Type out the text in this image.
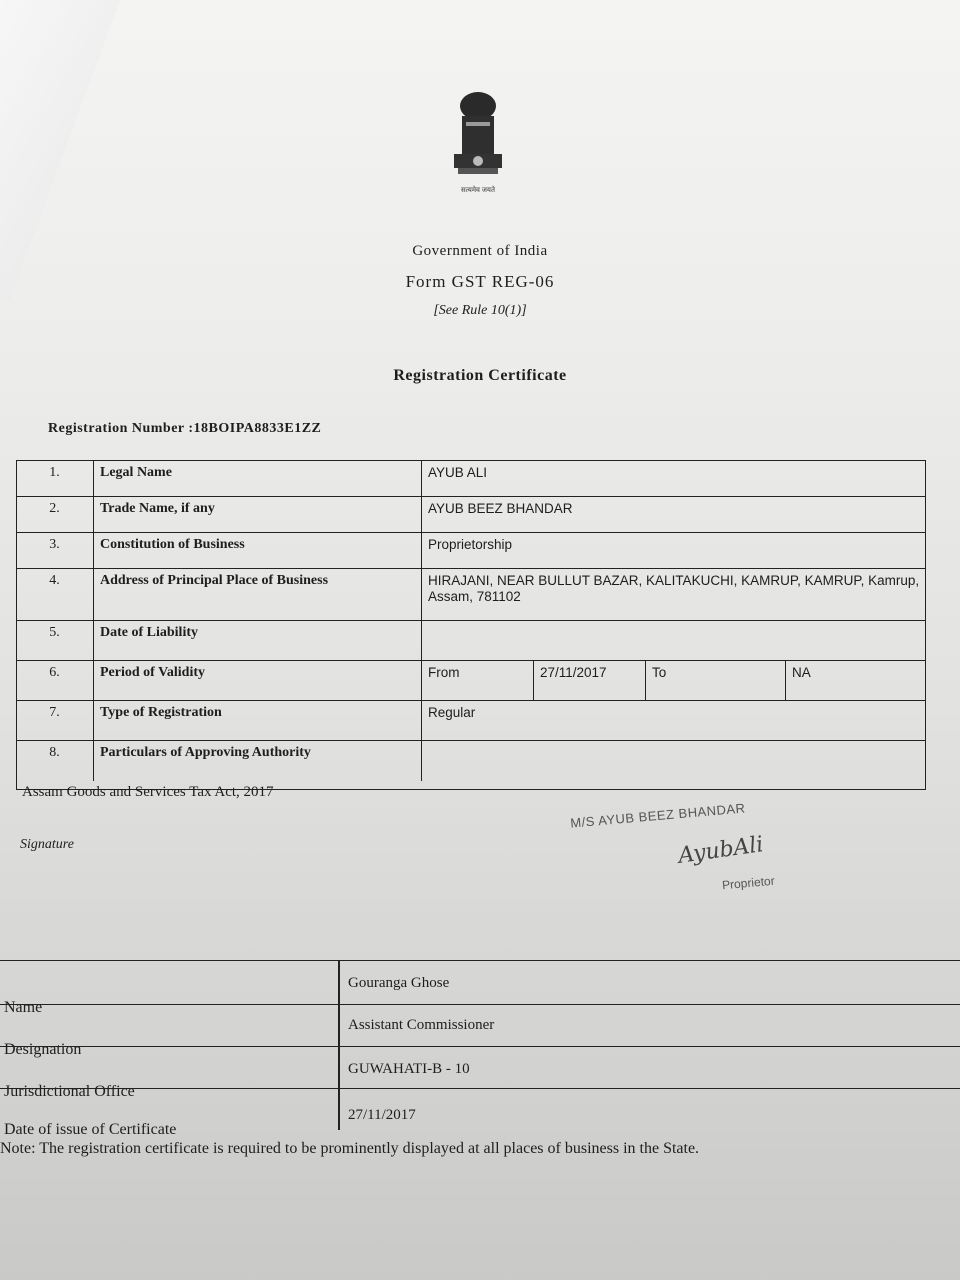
सत्यमेव जयते
Government of India
Form GST REG-06
[See Rule 10(1)]
Registration Certificate
Registration Number :18BOIPA8833E1ZZ
1.	Legal Name	AYUB ALI
2.	Trade Name, if any	AYUB BEEZ BHANDAR
3.	Constitution of Business	Proprietorship
4.	Address of Principal Place of Business	HIRAJANI, NEAR BULLUT BAZAR, KALITAKUCHI, KAMRUP, KAMRUP, Kamrup, Assam, 781102
5.	Date of Liability
6.	Period of Validity	From	27/11/2017	To	NA
7.	Type of Registration	Regular
8.	Particulars of Approving Authority
Assam Goods and Services Tax Act, 2017
Signature
M/S AYUB BEEZ BHANDAR
AyubAli
Proprietor
Name
Gouranga Ghose
Designation
Assistant Commissioner
Jurisdictional Office
GUWAHATI-B - 10
Date of issue of Certificate
27/11/2017
Note: The registration certificate is required to be prominently displayed at all places of business in the State.
